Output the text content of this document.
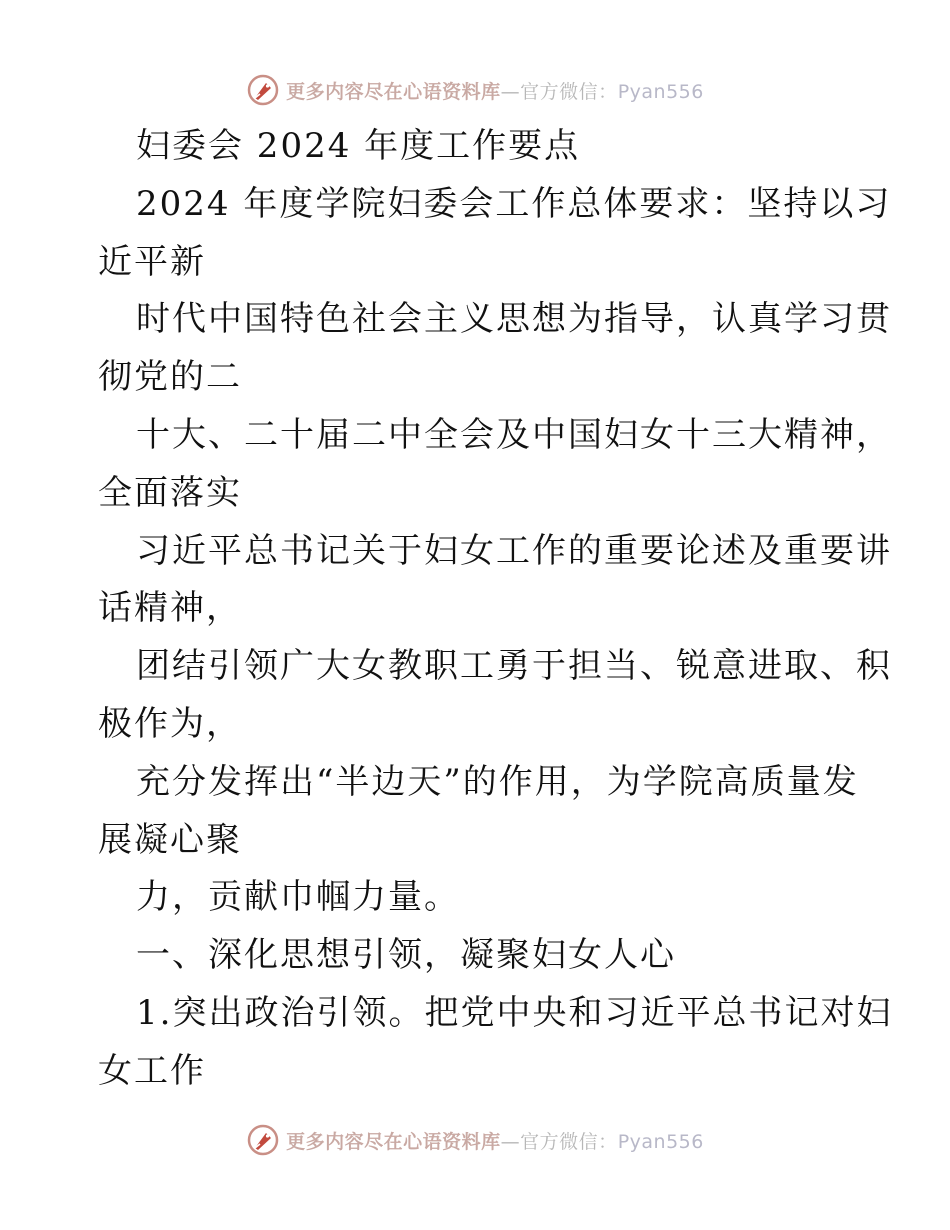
更多内容尽在心语资料库—官方微信：Pyan556
妇委会 2024 年度工作要点
2024 年度学院妇委会工作总体要求：坚持以习
近平新
时代中国特色社会主义思想为指导，认真学习贯
彻党的二
十大、二十届二中全会及中国妇女十三大精神，
全面落实
习近平总书记关于妇女工作的重要论述及重要讲
话精神，
团结引领广大女教职工勇于担当、锐意进取、积
极作为，
充分发挥出“半边天”的作用，为学院高质量发
展凝心聚
力，贡献巾帼力量。
一、深化思想引领，凝聚妇女人心
1.突出政治引领。把党中央和习近平总书记对妇
女工作
更多内容尽在心语资料库—官方微信：Pyan556
